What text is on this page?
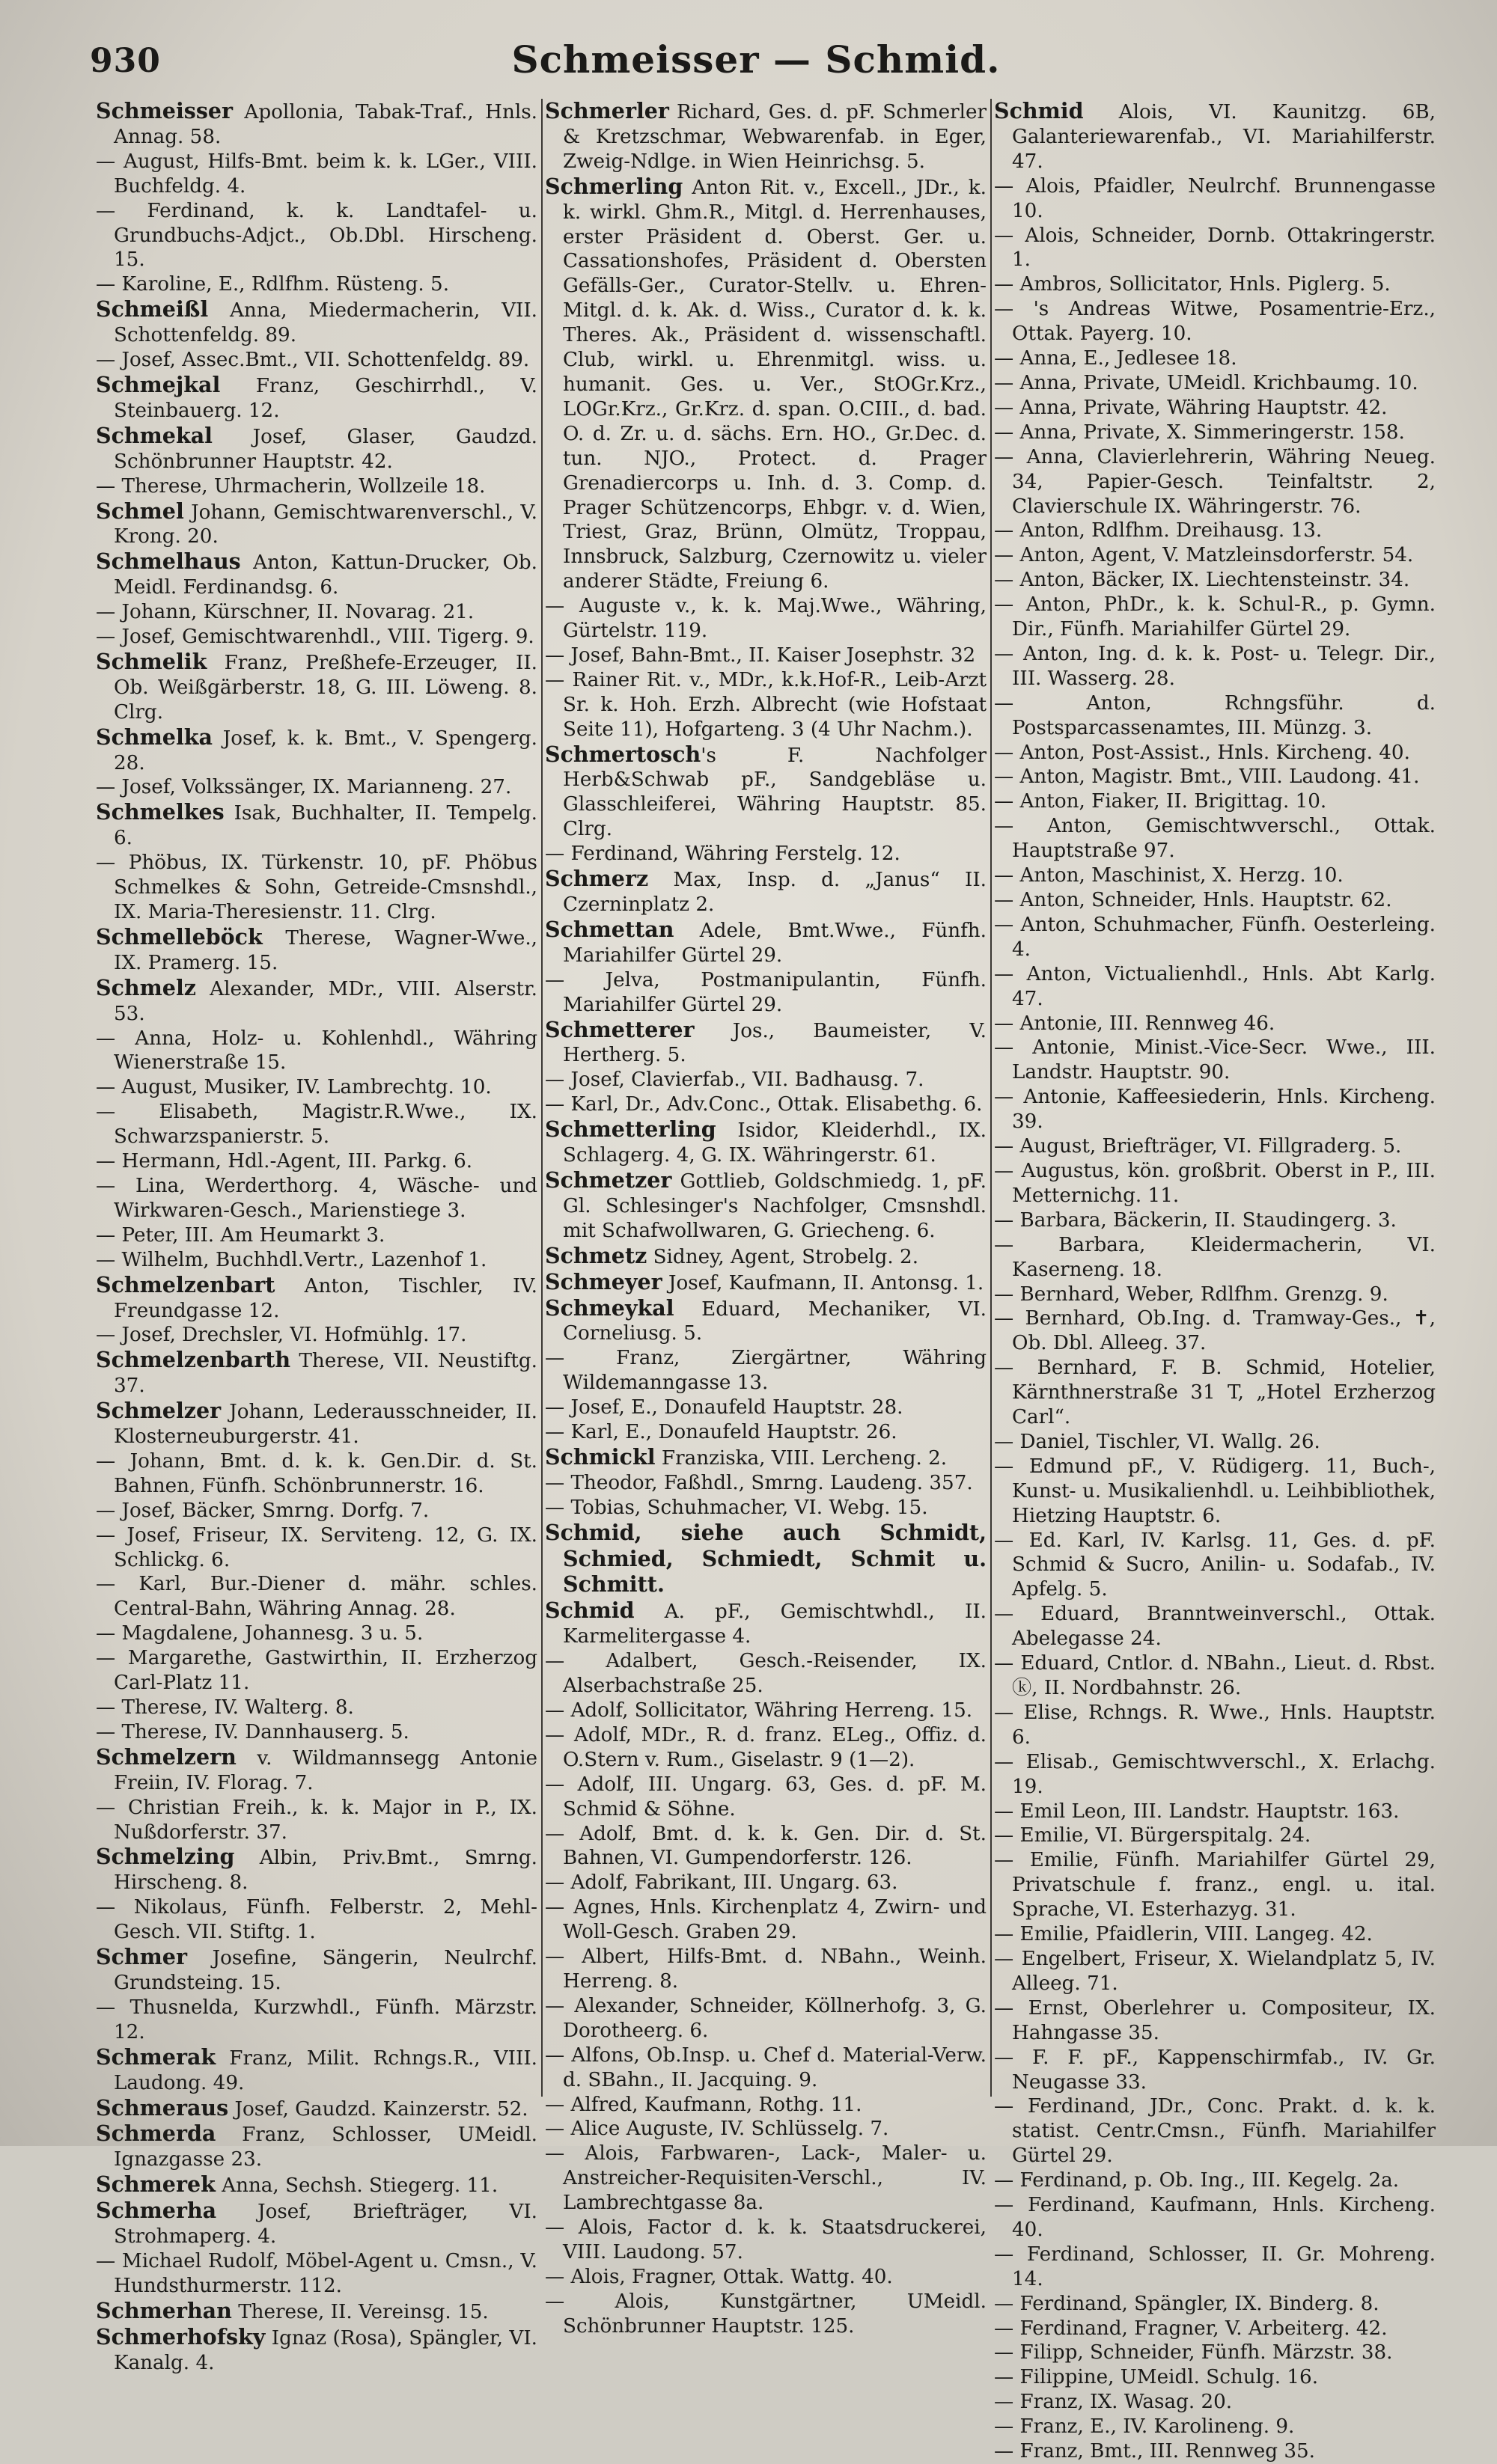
930	Schmeisser — Schmid.

Schmeisser Apollonia, Tabak-Traf., Hnls. Annag. 58.

— August, Hilfs-Bmt. beim k. k. LGer., VIII. Buchfeldg. 4.

— Ferdinand, k. k. Landtafel- u. Grundbuchs-Adjct., Ob.Dbl. Hirscheng. 15.

— Karoline, E., Rdlfhm. Rüsteng. 5.

Schmeißl Anna, Miedermacherin, VII. Schottenfeldg. 89.

— Josef, Assec.Bmt., VII. Schottenfeldg. 89.

Schmejkal Franz, Geschirrhdl., V. Steinbauerg. 12.

Schmekal Josef, Glaser, Gaudzd. Schönbrunner Hauptstr. 42.

— Therese, Uhrmacherin, Wollzeile 18.

Schmel Johann, Gemischtwarenverschl., V. Krong. 20.

Schmelhaus Anton, Kattun-Drucker, Ob. Meidl. Ferdinandsg. 6.

— Johann, Kürschner, II. Novarag. 21.

— Josef, Gemischtwarenhdl., VIII. Tigerg. 9.

Schmelik Franz, Preßhefe-Erzeuger, II. Ob. Weißgärberstr. 18, G. III. Löweng. 8. Clrg.

Schmelka Josef, k. k. Bmt., V. Spengerg. 28.

— Josef, Volkssänger, IX. Marianneng. 27.

Schmelkes Isak, Buchhalter, II. Tempelg. 6.

— Phöbus, IX. Türkenstr. 10, pF. Phöbus Schmelkes & Sohn, Getreide-Cmsnshdl., IX. Maria-Theresienstr. 11. Clrg.

Schmelleböck Therese, Wagner-Wwe., IX. Pramerg. 15.

Schmelz Alexander, MDr., VIII. Alserstr. 53.

— Anna, Holz- u. Kohlenhdl., Währing Wienerstraße 15.

— August, Musiker, IV. Lambrechtg. 10.

— Elisabeth, Magistr.R.Wwe., IX. Schwarzspanierstr. 5.

— Hermann, Hdl.-Agent, III. Parkg. 6.

— Lina, Werderthorg. 4, Wäsche- und Wirkwaren-Gesch., Marienstiege 3.

— Peter, III. Am Heumarkt 3.

— Wilhelm, Buchhdl.Vertr., Lazenhof 1.

Schmelzenbart Anton, Tischler, IV. Freundgasse 12.

— Josef, Drechsler, VI. Hofmühlg. 17.

Schmelzenbarth Therese, VII. Neustiftg. 37.

Schmelzer Johann, Lederausschneider, II. Klosterneuburgerstr. 41.

— Johann, Bmt. d. k. k. Gen.Dir. d. St. Bahnen, Fünfh. Schönbrunnerstr. 16.

— Josef, Bäcker, Smrng. Dorfg. 7.

— Josef, Friseur, IX. Serviteng. 12, G. IX. Schlickg. 6.

— Karl, Bur.-Diener d. mähr. schles. Central-Bahn, Währing Annag. 28.

— Magdalene, Johannesg. 3 u. 5.

— Margarethe, Gastwirthin, II. Erzherzog Carl-Platz 11.

— Therese, IV. Walterg. 8.

— Therese, IV. Dannhauserg. 5.

Schmelzern v. Wildmannsegg Antonie Freiin, IV. Florag. 7.

— Christian Freih., k. k. Major in P., IX. Nußdorferstr. 37.

Schmelzing Albin, Priv.Bmt., Smrng. Hirscheng. 8.

— Nikolaus, Fünfh. Felberstr. 2, Mehl-Gesch. VII. Stiftg. 1.

Schmer Josefine, Sängerin, Neulrchf. Grundsteing. 15.

— Thusnelda, Kurzwhdl., Fünfh. Märzstr. 12.

Schmerak Franz, Milit. Rchngs.R., VIII. Laudong. 49.

Schmeraus Josef, Gaudzd. Kainzerstr. 52.

Schmerda Franz, Schlosser, UMeidl. Ignazgasse 23.

Schmerek Anna, Sechsh. Stiegerg. 11.

Schmerha Josef, Briefträger, VI. Strohmaperg. 4.

— Michael Rudolf, Möbel-Agent u. Cmsn., V. Hundsthurmerstr. 112.

Schmerhan Therese, II. Vereinsg. 15.

Schmerhofsky Ignaz (Rosa), Spängler, VI. Kanalg. 4.

Schmerler Richard, Ges. d. pF. Schmerler & Kretzschmar, Webwarenfab. in Eger, Zweig-Ndlge. in Wien Heinrichsg. 5.

Schmerling Anton Rit. v., Excell., JDr., k. k. wirkl. Ghm.R., Mitgl. d. Herrenhauses, erster Präsident d. Oberst. Ger. u. Cassationshofes, Präsident d. Obersten Gefälls-Ger., Curator-Stellv. u. Ehren-Mitgl. d. k. Ak. d. Wiss., Curator d. k. k. Theres. Ak., Präsident d. wissenschaftl. Club, wirkl. u. Ehrenmitgl. wiss. u. humanit. Ges. u. Ver., StOGr.Krz., LOGr.Krz., Gr.Krz. d. span. O.CIII., d. bad. O. d. Zr. u. d. sächs. Ern. HO., Gr.Dec. d. tun. NJO., Protect. d. Prager Grenadiercorps u. Inh. d. 3. Comp. d. Prager Schützencorps, Ehbgr. v. d. Wien, Triest, Graz, Brünn, Olmütz, Troppau, Innsbruck, Salzburg, Czernowitz u. vieler anderer Städte, Freiung 6.

— Auguste v., k. k. Maj.Wwe., Währing, Gürtelstr. 119.

— Josef, Bahn-Bmt., II. Kaiser Josephstr. 32

— Rainer Rit. v., MDr., k.k.Hof-R., Leib-Arzt Sr. k. Hoh. Erzh. Albrecht (wie Hofstaat Seite 11), Hofgarteng. 3 (4 Uhr Nachm.).

Schmertosch's F. Nachfolger Herb&Schwab pF., Sandgebläse u. Glasschleiferei, Währing Hauptstr. 85. Clrg.

— Ferdinand, Währing Ferstelg. 12.

Schmerz Max, Insp. d. „Janus“ II. Czerninplatz 2.

Schmettan Adele, Bmt.Wwe., Fünfh. Mariahilfer Gürtel 29.

— Jelva, Postmanipulantin, Fünfh. Mariahilfer Gürtel 29.

Schmetterer Jos., Baumeister, V. Hertherg. 5.

— Josef, Clavierfab., VII. Badhausg. 7.

— Karl, Dr., Adv.Conc., Ottak. Elisabethg. 6.

Schmetterling Isidor, Kleiderhdl., IX. Schlagerg. 4, G. IX. Währingerstr. 61.

Schmetzer Gottlieb, Goldschmiedg. 1, pF. Gl. Schlesinger's Nachfolger, Cmsnshdl. mit Schafwollwaren, G. Griecheng. 6.

Schmetz Sidney, Agent, Strobelg. 2.

Schmeyer Josef, Kaufmann, II. Antonsg. 1.

Schmeykal Eduard, Mechaniker, VI. Corneliusg. 5.

— Franz, Ziergärtner, Währing Wildemanngasse 13.

— Josef, E., Donaufeld Hauptstr. 28.

— Karl, E., Donaufeld Hauptstr. 26.

Schmickl Franziska, VIII. Lercheng. 2.

— Theodor, Faßhdl., Smrng. Laudeng. 357.

— Tobias, Schuhmacher, VI. Webg. 15.

Schmid, siehe auch Schmidt, Schmied, Schmiedt, Schmit u. Schmitt.

Schmid A. pF., Gemischtwhdl., II. Karmelitergasse 4.

— Adalbert, Gesch.-Reisender, IX. Alserbachstraße 25.

— Adolf, Sollicitator, Währing Herreng. 15.

— Adolf, MDr., R. d. franz. ELeg., Offiz. d. O.Stern v. Rum., Giselastr. 9 (1—2).

— Adolf, III. Ungarg. 63, Ges. d. pF. M. Schmid & Söhne.

— Adolf, Bmt. d. k. k. Gen. Dir. d. St. Bahnen, VI. Gumpendorferstr. 126.

— Adolf, Fabrikant, III. Ungarg. 63.

— Agnes, Hnls. Kirchenplatz 4, Zwirn- und Woll-Gesch. Graben 29.

— Albert, Hilfs-Bmt. d. NBahn., Weinh. Herreng. 8.

— Alexander, Schneider, Köllnerhofg. 3, G. Dorotheerg. 6.

— Alfons, Ob.Insp. u. Chef d. Material-Verw. d. SBahn., II. Jacquing. 9.

— Alfred, Kaufmann, Rothg. 11.

— Alice Auguste, IV. Schlüsselg. 7.

— Alois, Farbwaren-, Lack-, Maler- u. Anstreicher-Requisiten-Verschl., IV. Lambrechtgasse 8a.

— Alois, Factor d. k. k. Staatsdruckerei, VIII. Laudong. 57.

— Alois, Fragner, Ottak. Wattg. 40.

— Alois, Kunstgärtner, UMeidl. Schönbrunner Hauptstr. 125.

Schmid Alois, VI. Kaunitzg. 6B, Galanteriewarenfab., VI. Mariahilferstr. 47.

— Alois, Pfaidler, Neulrchf. Brunnengasse 10.

— Alois, Schneider, Dornb. Ottakringerstr. 1.

— Ambros, Sollicitator, Hnls. Piglerg. 5.

— 's Andreas Witwe, Posamentrie-Erz., Ottak. Payerg. 10.

— Anna, E., Jedlesee 18.

— Anna, Private, UMeidl. Krichbaumg. 10.

— Anna, Private, Währing Hauptstr. 42.

— Anna, Private, X. Simmeringerstr. 158.

— Anna, Clavierlehrerin, Währing Neueg. 34, Papier-Gesch. Teinfaltstr. 2, Clavierschule IX. Währingerstr. 76.

— Anton, Rdlfhm. Dreihausg. 13.

— Anton, Agent, V. Matzleinsdorferstr. 54.

— Anton, Bäcker, IX. Liechtensteinstr. 34.

— Anton, PhDr., k. k. Schul-R., p. Gymn. Dir., Fünfh. Mariahilfer Gürtel 29.

— Anton, Ing. d. k. k. Post- u. Telegr. Dir., III. Wasserg. 28.

— Anton, Rchngsführ. d. Postsparcassenamtes, III. Münzg. 3.

— Anton, Post-Assist., Hnls. Kircheng. 40.

— Anton, Magistr. Bmt., VIII. Laudong. 41.

— Anton, Fiaker, II. Brigittag. 10.

— Anton, Gemischtwverschl., Ottak. Hauptstraße 97.

— Anton, Maschinist, X. Herzg. 10.

— Anton, Schneider, Hnls. Hauptstr. 62.

— Anton, Schuhmacher, Fünfh. Oesterleing. 4.

— Anton, Victualienhdl., Hnls. Abt Karlg. 47.

— Antonie, III. Rennweg 46.

— Antonie, Minist.-Vice-Secr. Wwe., III. Landstr. Hauptstr. 90.

— Antonie, Kaffeesiederin, Hnls. Kircheng. 39.

— August, Briefträger, VI. Fillgraderg. 5.

— Augustus, kön. großbrit. Oberst in P., III. Metternichg. 11.

— Barbara, Bäckerin, II. Staudingerg. 3.

— Barbara, Kleidermacherin, VI. Kaserneng. 18.

— Bernhard, Weber, Rdlfhm. Grenzg. 9.

— Bernhard, Ob.Ing. d. Tramway-Ges., ✝, Ob. Dbl. Alleeg. 37.

— Bernhard, F. B. Schmid, Hotelier, Kärnthnerstraße 31 T, „Hotel Erzherzog Carl“.

— Daniel, Tischler, VI. Wallg. 26.

— Edmund pF., V. Rüdigerg. 11, Buch-, Kunst- u. Musikalienhdl. u. Leihbibliothek, Hietzing Hauptstr. 6.

— Ed. Karl, IV. Karlsg. 11, Ges. d. pF. Schmid & Sucro, Anilin- u. Sodafab., IV. Apfelg. 5.

— Eduard, Branntweinverschl., Ottak. Abelegasse 24.

— Eduard, Cntlor. d. NBahn., Lieut. d. Rbst. ⓚ, II. Nordbahnstr. 26.

— Elise, Rchngs. R. Wwe., Hnls. Hauptstr. 6.

— Elisab., Gemischtwverschl., X. Erlachg. 19.

— Emil Leon, III. Landstr. Hauptstr. 163.

— Emilie, VI. Bürgerspitalg. 24.

— Emilie, Fünfh. Mariahilfer Gürtel 29, Privatschule f. franz., engl. u. ital. Sprache, VI. Esterhazyg. 31.

— Emilie, Pfaidlerin, VIII. Langeg. 42.

— Engelbert, Friseur, X. Wielandplatz 5, IV. Alleeg. 71.

— Ernst, Oberlehrer u. Compositeur, IX. Hahngasse 35.

— F. F. pF., Kappenschirmfab., IV. Gr. Neugasse 33.

— Ferdinand, JDr., Conc. Prakt. d. k. k. statist. Centr.Cmsn., Fünfh. Mariahilfer Gürtel 29.

— Ferdinand, p. Ob. Ing., III. Kegelg. 2a.

— Ferdinand, Kaufmann, Hnls. Kircheng. 40.

— Ferdinand, Schlosser, II. Gr. Mohreng. 14.

— Ferdinand, Spängler, IX. Binderg. 8.

— Ferdinand, Fragner, V. Arbeiterg. 42.

— Filipp, Schneider, Fünfh. Märzstr. 38.

— Filippine, UMeidl. Schulg. 16.

— Franz, IX. Wasag. 20.

— Franz, E., IV. Karolineng. 9.

— Franz, Bmt., III. Rennweg 35.
